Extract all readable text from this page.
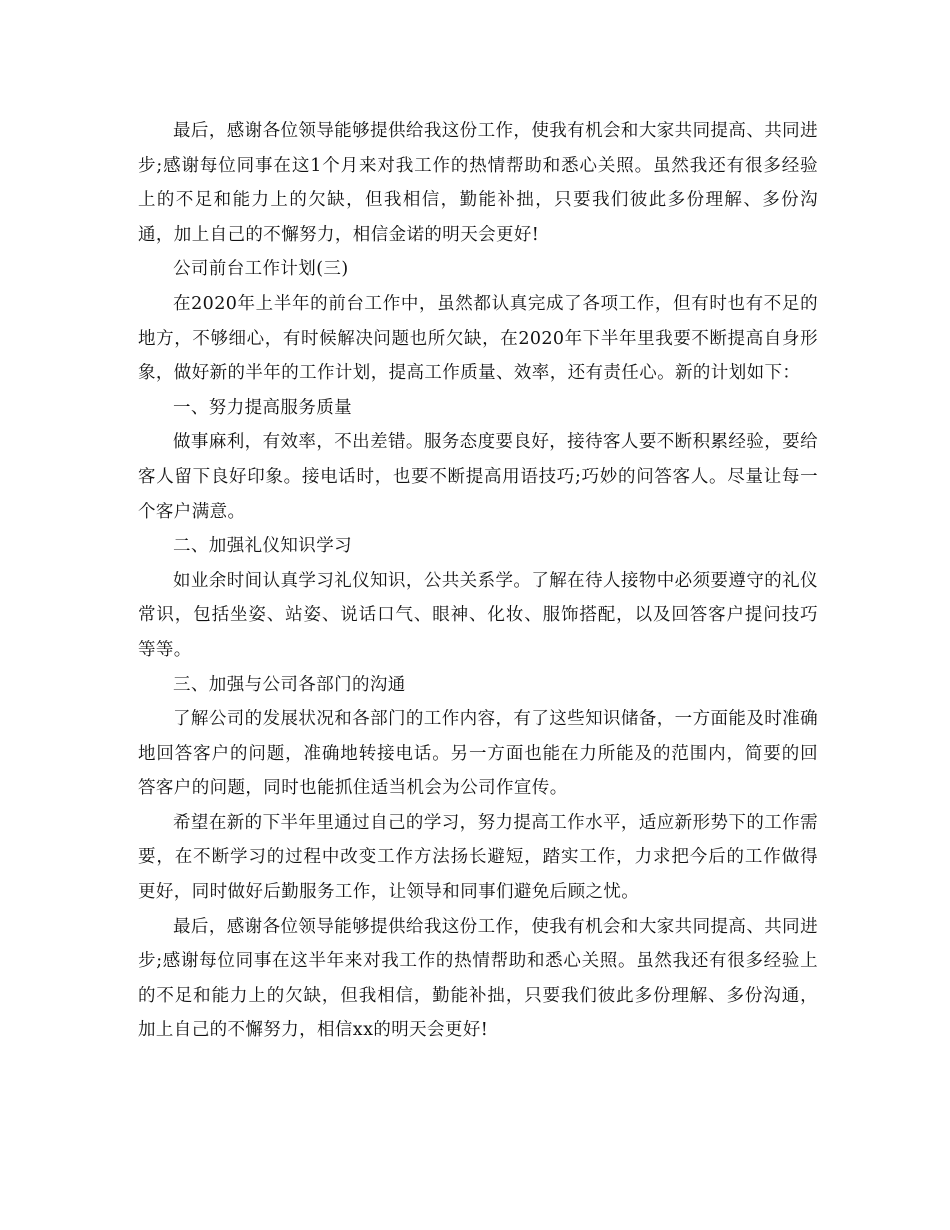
最后，感谢各位领导能够提供给我这份工作，使我有机会和大家共同提高、共同进步;感谢每位同事在这1个月来对我工作的热情帮助和悉心关照。虽然我还有很多经验上的不足和能力上的欠缺，但我相信，勤能补拙，只要我们彼此多份理解、多份沟通，加上自己的不懈努力，相信金诺的明天会更好!

公司前台工作计划(三)

在2020年上半年的前台工作中，虽然都认真完成了各项工作，但有时也有不足的地方，不够细心，有时候解决问题也所欠缺，在2020年下半年里我要不断提高自身形象，做好新的半年的工作计划，提高工作质量、效率，还有责任心。新的计划如下：

一、努力提高服务质量

做事麻利，有效率，不出差错。服务态度要良好，接待客人要不断积累经验，要给客人留下良好印象。接电话时，也要不断提高用语技巧;巧妙的问答客人。尽量让每一个客户满意。

二、加强礼仪知识学习

如业余时间认真学习礼仪知识，公共关系学。了解在待人接物中必须要遵守的礼仪常识，包括坐姿、站姿、说话口气、眼神、化妆、服饰搭配，以及回答客户提问技巧等等。

三、加强与公司各部门的沟通

了解公司的发展状况和各部门的工作内容，有了这些知识储备，一方面能及时准确地回答客户的问题，准确地转接电话。另一方面也能在力所能及的范围内，简要的回答客户的问题，同时也能抓住适当机会为公司作宣传。

希望在新的下半年里通过自己的学习，努力提高工作水平，适应新形势下的工作需要，在不断学习的过程中改变工作方法扬长避短，踏实工作，力求把今后的工作做得更好，同时做好后勤服务工作，让领导和同事们避免后顾之忧。

最后，感谢各位领导能够提供给我这份工作，使我有机会和大家共同提高、共同进步;感谢每位同事在这半年来对我工作的热情帮助和悉心关照。虽然我还有很多经验上的不足和能力上的欠缺，但我相信，勤能补拙，只要我们彼此多份理解、多份沟通，加上自己的不懈努力，相信xx的明天会更好!
